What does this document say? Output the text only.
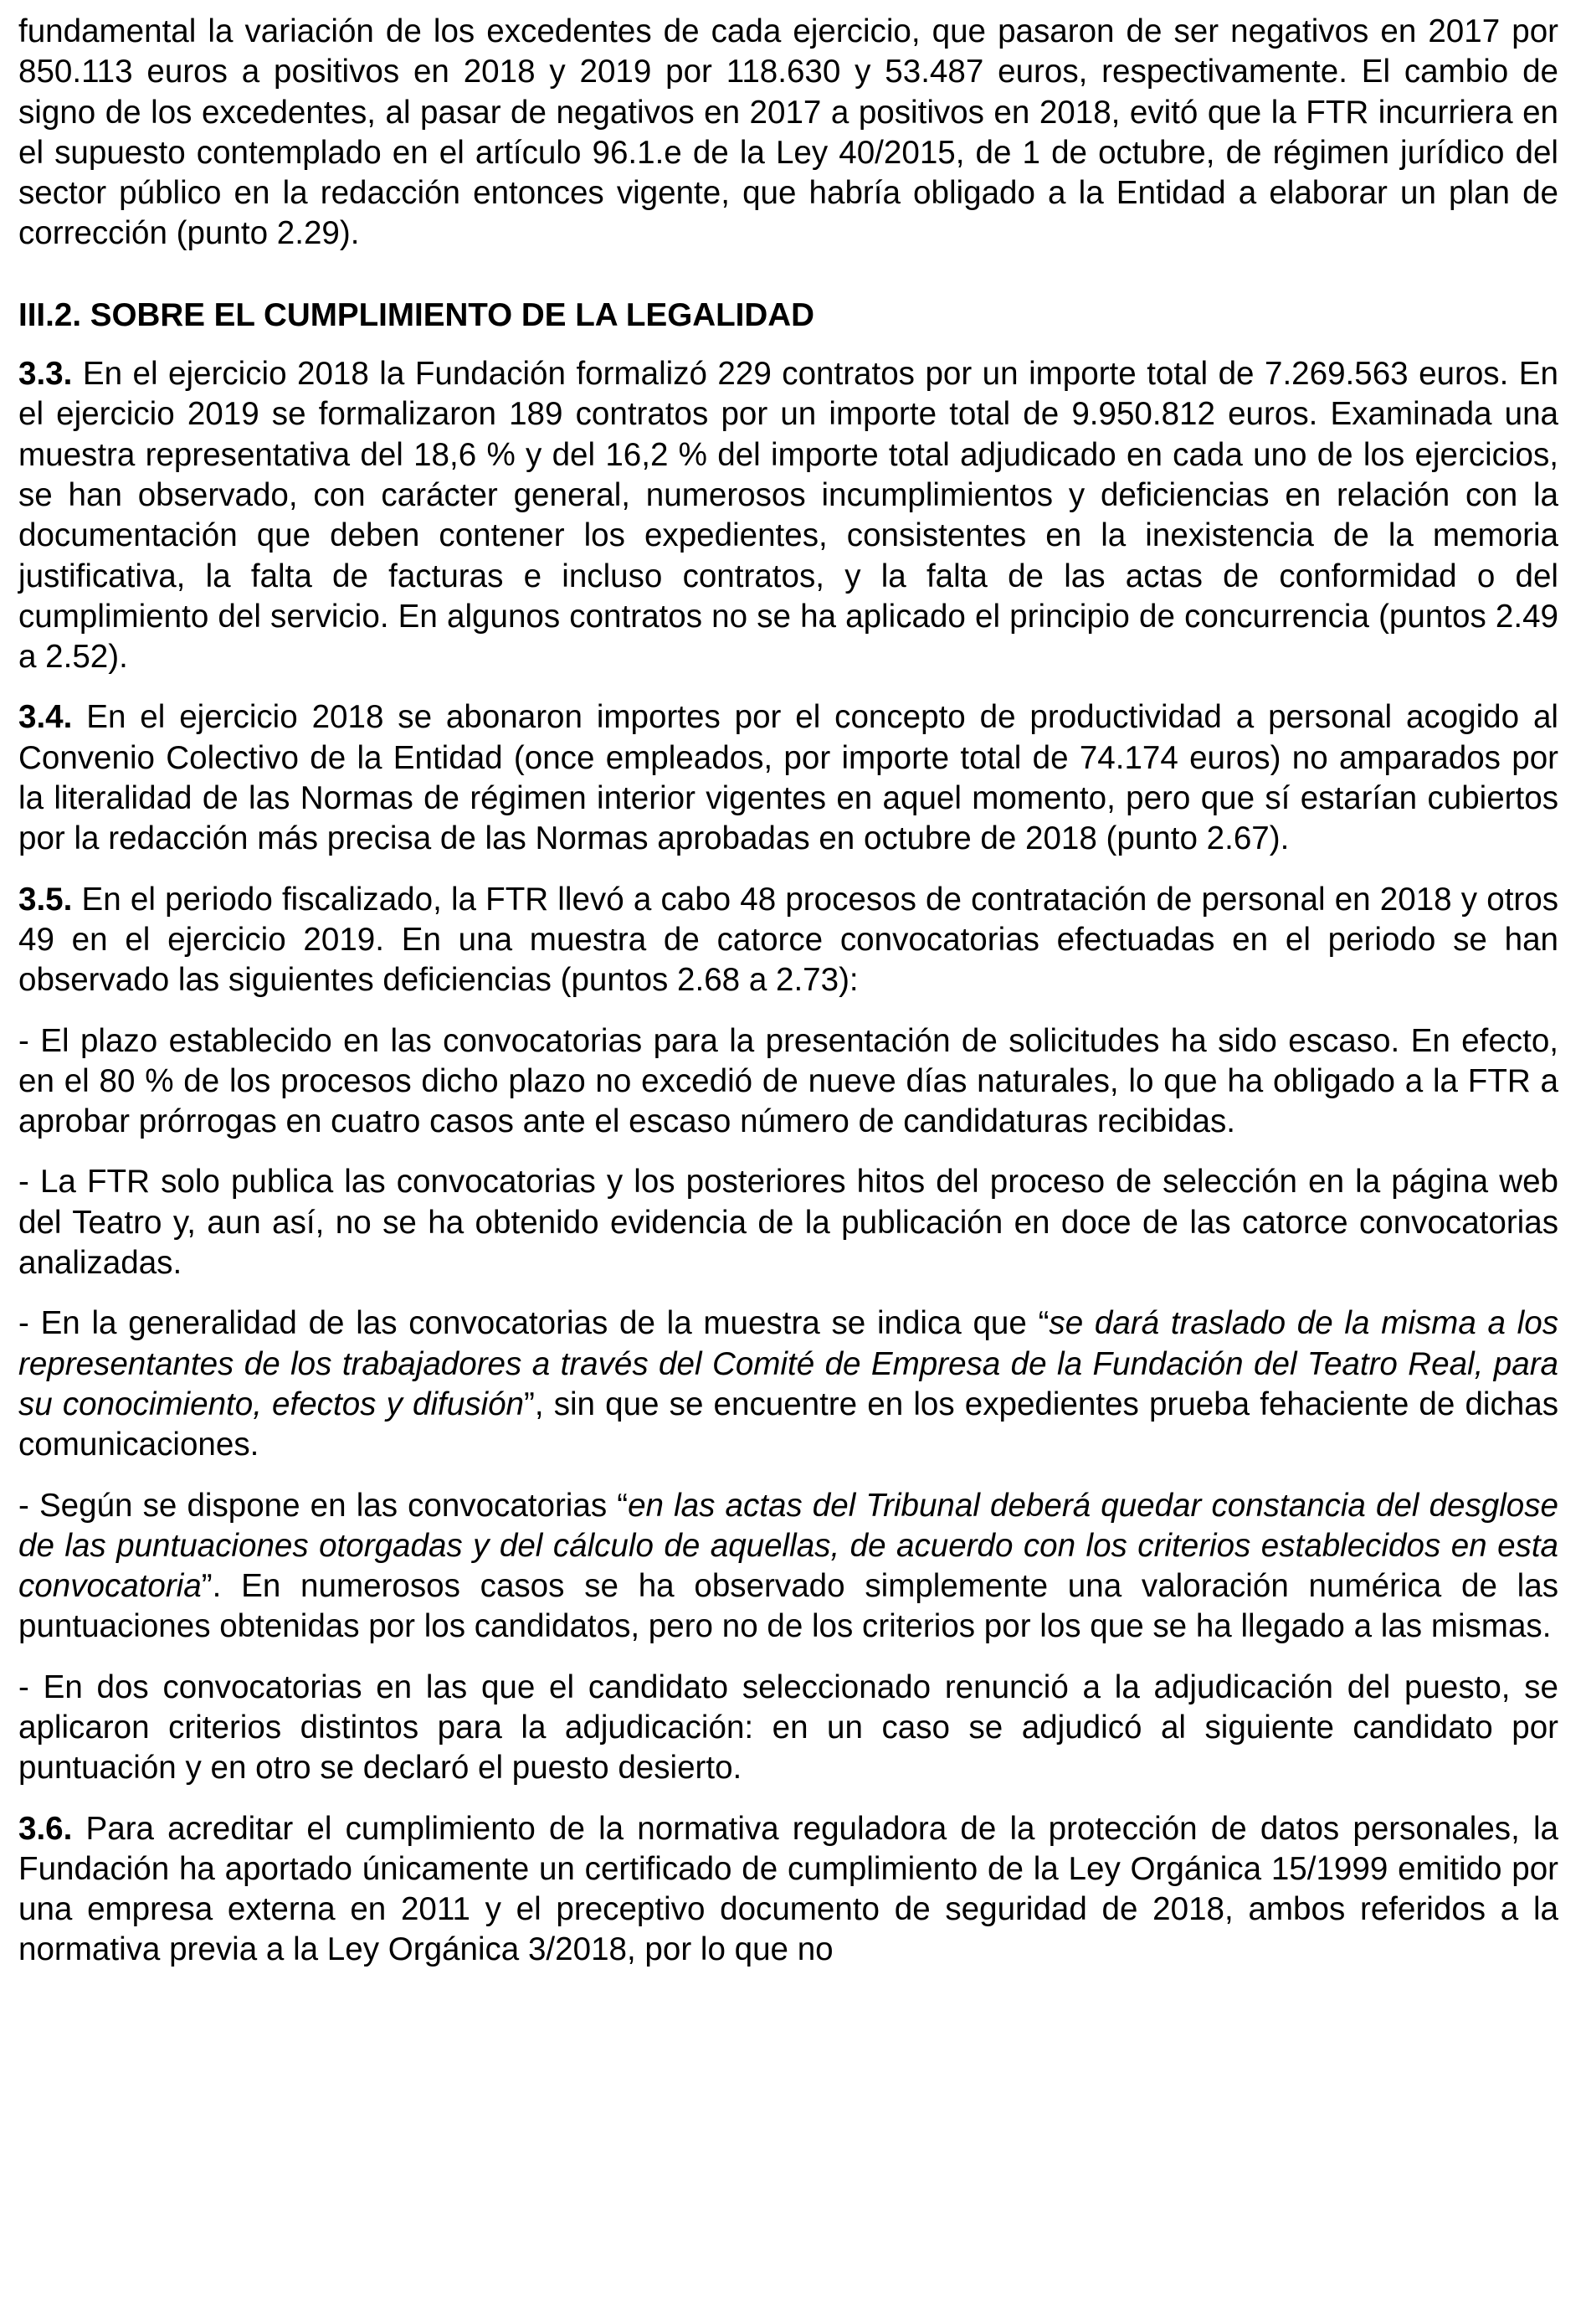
fundamental la variación de los excedentes de cada ejercicio, que pasaron de ser negativos en 2017 por 850.113 euros a positivos en 2018 y 2019 por 118.630 y 53.487 euros, respectivamente. El cambio de signo de los excedentes, al pasar de negativos en 2017 a positivos en 2018, evitó que la FTR incurriera en el supuesto contemplado en el artículo 96.1.e de la Ley 40/2015, de 1 de octubre, de régimen jurídico del sector público en la redacción entonces vigente, que habría obligado a la Entidad a elaborar un plan de corrección (punto 2.29).

III.2. SOBRE EL CUMPLIMIENTO DE LA LEGALIDAD

3.3. En el ejercicio 2018 la Fundación formalizó 229 contratos por un importe total de 7.269.563 euros. En el ejercicio 2019 se formalizaron 189 contratos por un importe total de 9.950.812 euros. Examinada una muestra representativa del 18,6 % y del 16,2 % del importe total adjudicado en cada uno de los ejercicios, se han observado, con carácter general, numerosos incumplimientos y deficiencias en relación con la documentación que deben contener los expedientes, consistentes en la inexistencia de la memoria justificativa, la falta de facturas e incluso contratos, y la falta de las actas de conformidad o del cumplimiento del servicio. En algunos contratos no se ha aplicado el principio de concurrencia (puntos 2.49 a 2.52).

3.4. En el ejercicio 2018 se abonaron importes por el concepto de productividad a personal acogido al Convenio Colectivo de la Entidad (once empleados, por importe total de 74.174 euros) no amparados por la literalidad de las Normas de régimen interior vigentes en aquel momento, pero que sí estarían cubiertos por la redacción más precisa de las Normas aprobadas en octubre de 2018 (punto 2.67).

3.5. En el periodo fiscalizado, la FTR llevó a cabo 48 procesos de contratación de personal en 2018 y otros 49 en el ejercicio 2019. En una muestra de catorce convocatorias efectuadas en el periodo se han observado las siguientes deficiencias (puntos 2.68 a 2.73):

- El plazo establecido en las convocatorias para la presentación de solicitudes ha sido escaso. En efecto, en el 80 % de los procesos dicho plazo no excedió de nueve días naturales, lo que ha obligado a la FTR a aprobar prórrogas en cuatro casos ante el escaso número de candidaturas recibidas.

- La FTR solo publica las convocatorias y los posteriores hitos del proceso de selección en la página web del Teatro y, aun así, no se ha obtenido evidencia de la publicación en doce de las catorce convocatorias analizadas.

- En la generalidad de las convocatorias de la muestra se indica que “se dará traslado de la misma a los representantes de los trabajadores a través del Comité de Empresa de la Fundación del Teatro Real, para su conocimiento, efectos y difusión”, sin que se encuentre en los expedientes prueba fehaciente de dichas comunicaciones.

- Según se dispone en las convocatorias “en las actas del Tribunal deberá quedar constancia del desglose de las puntuaciones otorgadas y del cálculo de aquellas, de acuerdo con los criterios establecidos en esta convocatoria”. En numerosos casos se ha observado simplemente una valoración numérica de las puntuaciones obtenidas por los candidatos, pero no de los criterios por los que se ha llegado a las mismas.

- En dos convocatorias en las que el candidato seleccionado renunció a la adjudicación del puesto, se aplicaron criterios distintos para la adjudicación: en un caso se adjudicó al siguiente candidato por puntuación y en otro se declaró el puesto desierto.

3.6. Para acreditar el cumplimiento de la normativa reguladora de la protección de datos personales, la Fundación ha aportado únicamente un certificado de cumplimiento de la Ley Orgánica 15/1999 emitido por una empresa externa en 2011 y el preceptivo documento de seguridad de 2018, ambos referidos a la normativa previa a la Ley Orgánica 3/2018, por lo que no
